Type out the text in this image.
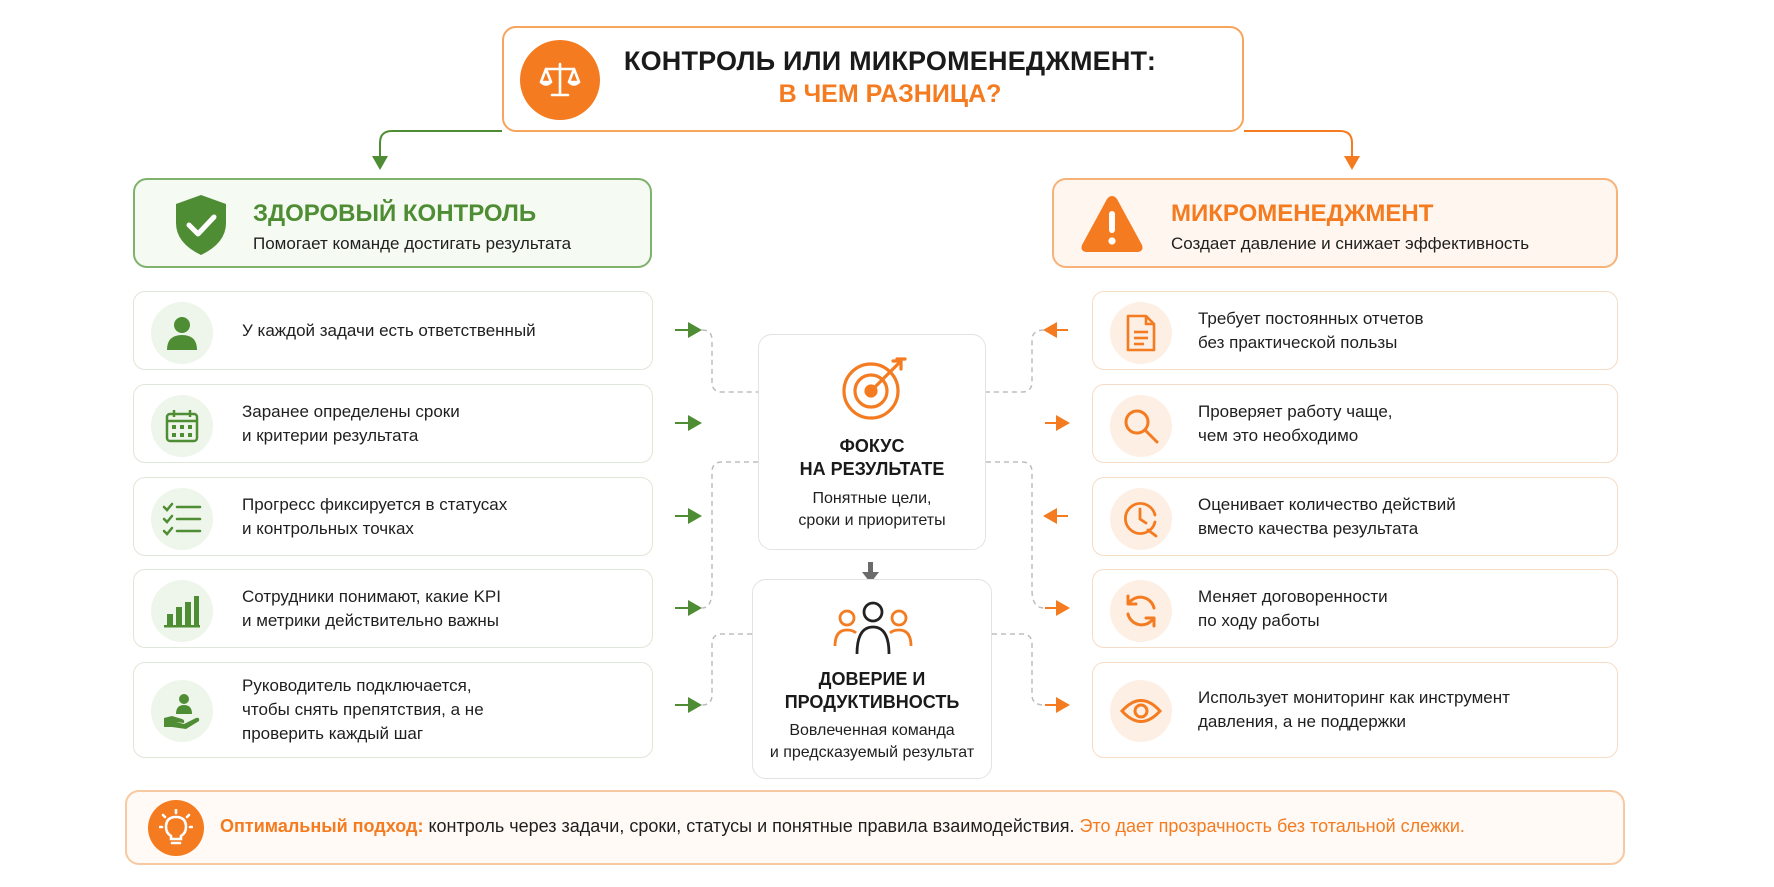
КОНТРОЛЬ ИЛИ МИКРОМЕНЕДЖМЕНТ:
В ЧЕМ РАЗНИЦА?
ЗДОРОВЫЙ КОНТРОЛЬ
Помогает команде достигать результата
МИКРОМЕНЕДЖМЕНТ
Создает давление и снижает эффективность
У каждой задачи есть ответственный
Заранее определены сроки
и критерии результата
Прогресс фиксируется в статусах
и контрольных точках
Сотрудники понимают, какие KPI
и метрики действительно важны
Руководитель подключается,
чтобы снять препятствия, а не
проверить каждый шаг
Требует постоянных отчетов
без практической пользы
Проверяет работу чаще,
чем это необходимо
Оценивает количество действий
вместо качества результата
Меняет договоренности
по ходу работы
Использует мониторинг как инструмент
давления, а не поддержки
ФОКУС
НА РЕЗУЛЬТАТЕ
Понятные цели,
сроки и приоритеты
ДОВЕРИЕ И
ПРОДУКТИВНОСТЬ
Вовлеченная команда
и предсказуемый результат
Оптимальный подход: контроль через задачи, сроки, статусы и понятные правила взаимодействия. Это дает прозрачность без тотальной слежки.
